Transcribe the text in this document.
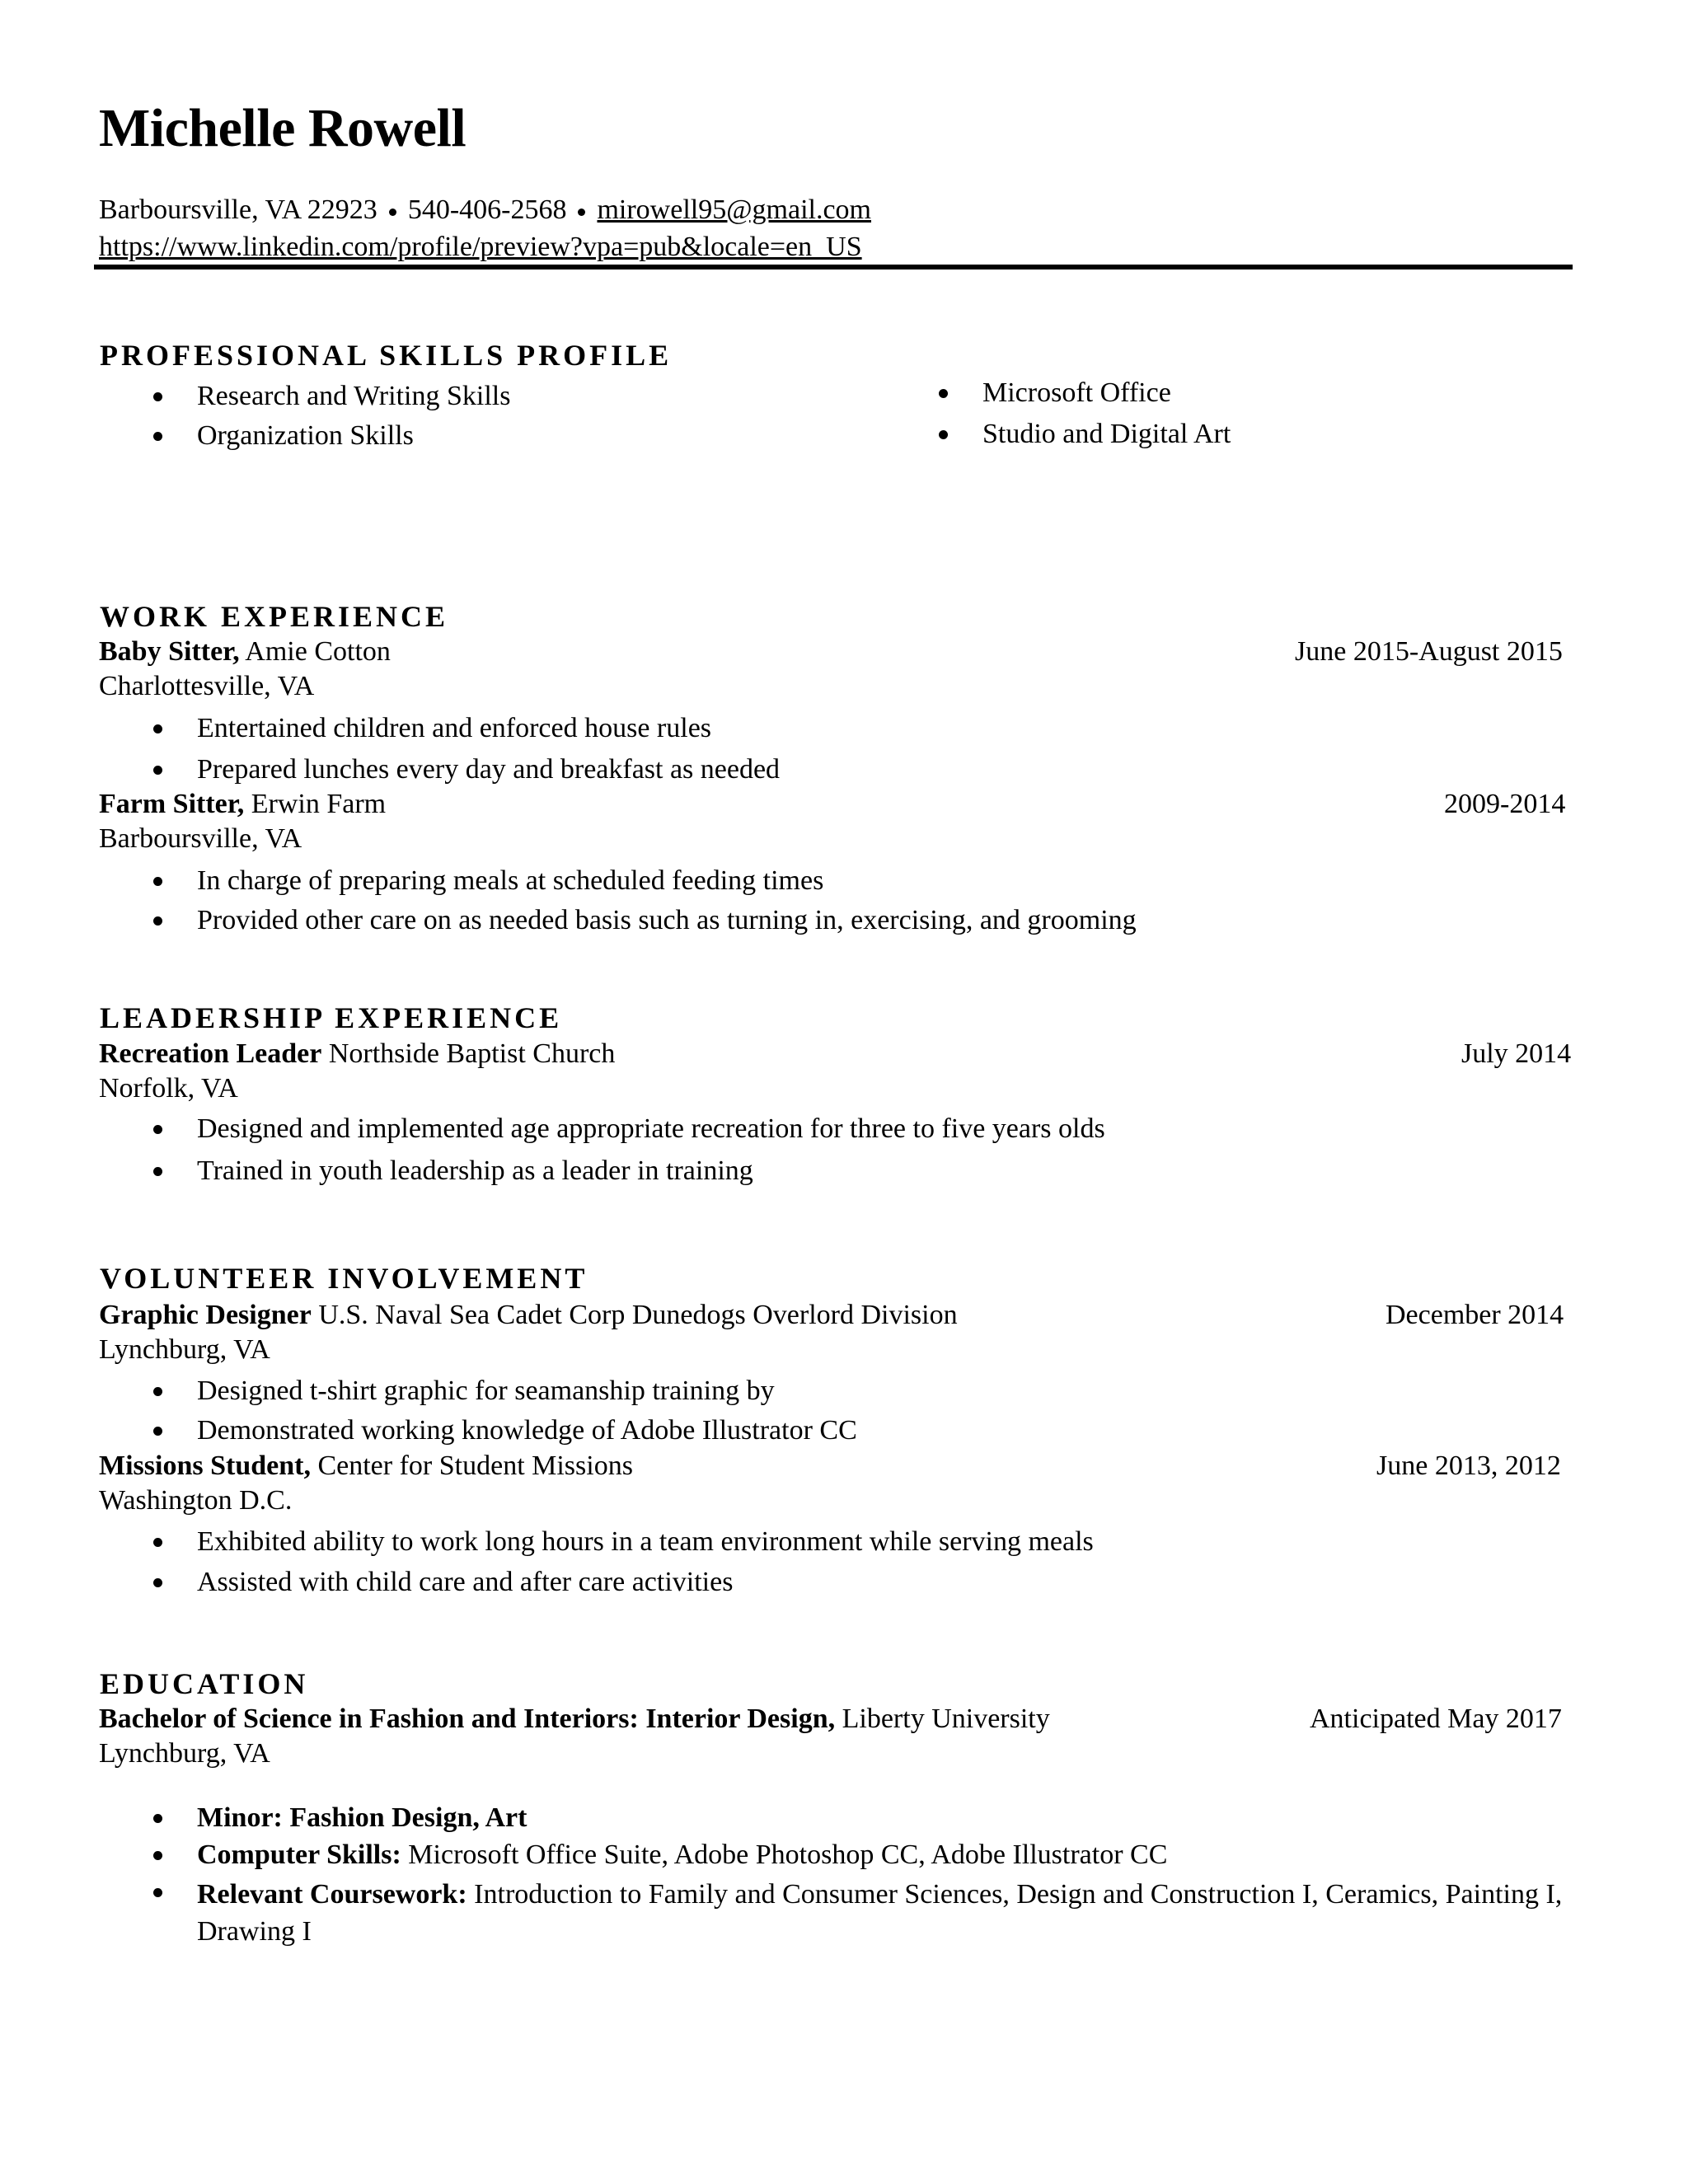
Michelle Rowell
Barboursville, VA 22923 540-406-2568 mirowell95@gmail.com
https://www.linkedin.com/profile/preview?vpa=pub&locale=en_US
PROFESSIONAL SKILLS PROFILE
Research and Writing Skills
Organization Skills
Microsoft Office
Studio and Digital Art
WORK EXPERIENCE
Baby Sitter, Amie Cotton	June 2015-August 2015
Charlottesville, VA
Entertained children and enforced house rules
Prepared lunches every day and breakfast as needed
Farm Sitter, Erwin Farm	2009-2014
Barboursville, VA
In charge of preparing meals at scheduled feeding times
Provided other care on as needed basis such as turning in, exercising, and grooming
LEADERSHIP EXPERIENCE
Recreation Leader Northside Baptist Church	July 2014
Norfolk, VA
Designed and implemented age appropriate recreation for three to five years olds
Trained in youth leadership as a leader in training
VOLUNTEER INVOLVEMENT
Graphic Designer U.S. Naval Sea Cadet Corp Dunedogs Overlord Division	December 2014
Lynchburg, VA
Designed t-shirt graphic for seamanship training by
Demonstrated working knowledge of Adobe Illustrator CC
Missions Student, Center for Student Missions	June 2013, 2012
Washington D.C.
Exhibited ability to work long hours in a team environment while serving meals
Assisted with child care and after care activities
EDUCATION
Bachelor of Science in Fashion and Interiors: Interior Design, Liberty University	Anticipated May 2017
Lynchburg, VA
Minor: Fashion Design, Art
Computer Skills: Microsoft Office Suite, Adobe Photoshop CC, Adobe Illustrator CC
Relevant Coursework: Introduction to Family and Consumer Sciences, Design and Construction I, Ceramics, Painting I, Drawing I
